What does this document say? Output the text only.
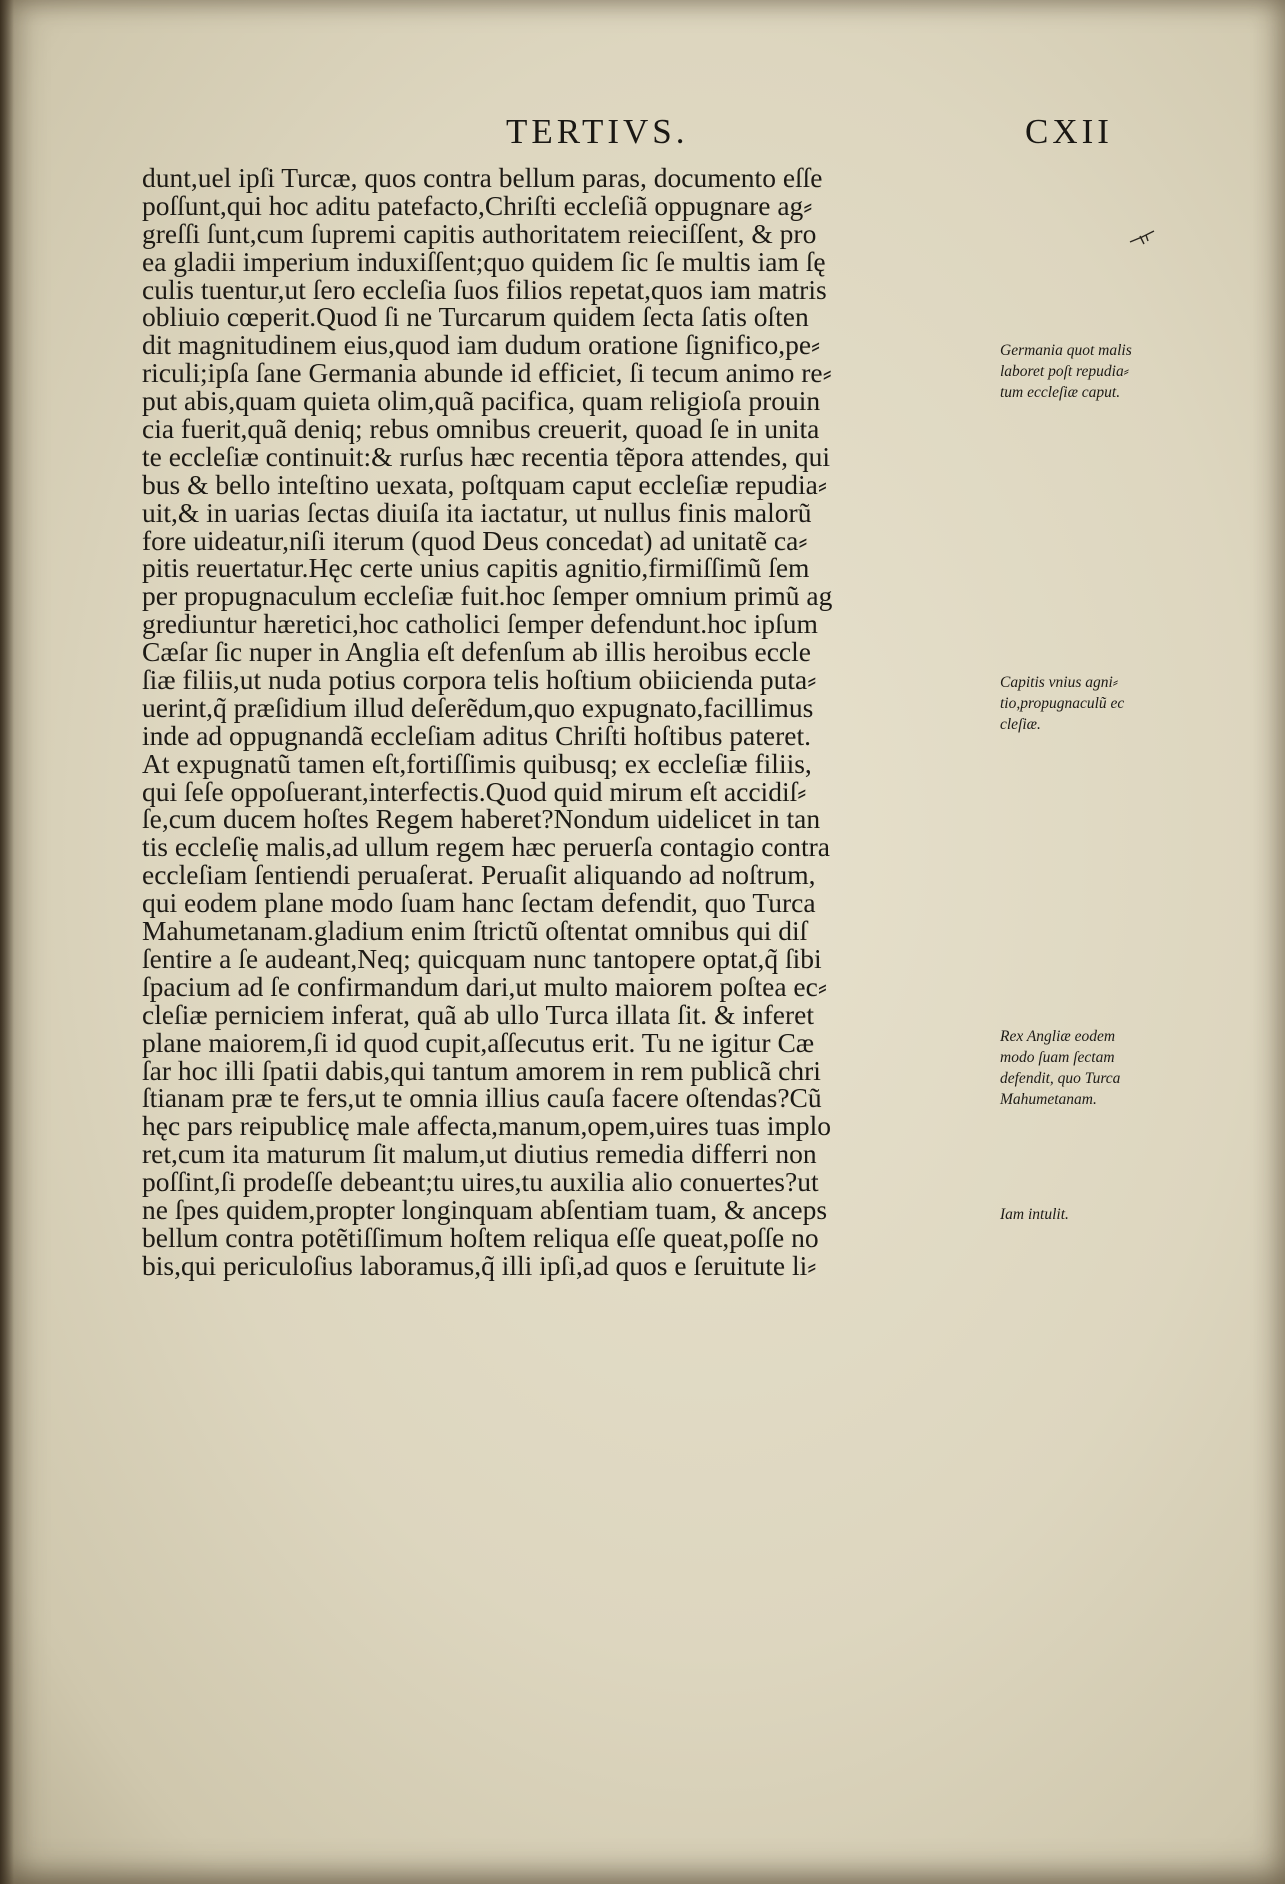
TERTIVS.	CXII
dunt,uel ipſi Turcæ, quos contra bellum paras, documento eſſe
poſſunt,qui hoc aditu patefacto,Chriſti eccleſiã oppugnare ag⸗
greſſi ſunt,cum ſupremi capitis authoritatem reieciſſent, & pro
ea gladii imperium induxiſſent;quo quidem ſic ſe multis iam ſę
culis tuentur,ut ſero eccleſia ſuos filios repetat,quos iam matris
obliuio cœperit.Quod ſi ne Turcarum quidem ſecta ſatis oſten
dit magnitudinem eius,quod iam dudum oratione ſignifico,pe⸗
riculi;ipſa ſane Germania abunde id efficiet, ſi tecum animo re⸗
put abis,quam quieta olim,quã pacifica, quam religioſa prouin
cia fuerit,quã deniq; rebus omnibus creuerit, quoad ſe in unita
te eccleſiæ continuit:& rurſus hæc recentia tẽpora attendes, qui
bus & bello inteſtino uexata, poſtquam caput eccleſiæ repudia⸗
uit,& in uarias ſectas diuiſa ita iactatur, ut nullus finis malorũ
fore uideatur,niſi iterum (quod Deus concedat) ad unitatẽ ca⸗
pitis reuertatur.Hęc certe unius capitis agnitio,firmiſſimũ ſem
per propugnaculum eccleſiæ fuit.hoc ſemper omnium primũ ag
grediuntur hæretici,hoc catholici ſemper defendunt.hoc ipſum
Cæſar ſic nuper in Anglia eſt defenſum ab illis heroibus eccle
ſiæ filiis,ut nuda potius corpora telis hoſtium obiicienda puta⸗
uerint,q̃ præſidium illud deſerẽdum,quo expugnato,facillimus
inde ad oppugnandã eccleſiam aditus Chriſti hoſtibus pateret.
At expugnatũ tamen eſt,fortiſſimis quibusq; ex eccleſiæ filiis,
qui ſeſe oppoſuerant,interfectis.Quod quid mirum eſt accidiſ⸗
ſe,cum ducem hoſtes Regem haberet?Nondum uidelicet in tan
tis eccleſię malis,ad ullum regem hæc peruerſa contagio contra
eccleſiam ſentiendi peruaſerat. Peruaſit aliquando ad noſtrum,
qui eodem plane modo ſuam hanc ſectam defendit, quo Turca
Mahumetanam.gladium enim ſtrictũ oſtentat omnibus qui diſ
ſentire a ſe audeant,Neq; quicquam nunc tantopere optat,q̃ ſibi
ſpacium ad ſe confirmandum dari,ut multo maiorem poſtea ec⸗
cleſiæ perniciem inferat, quã ab ullo Turca illata ſit. & inferet
plane maiorem,ſi id quod cupit,aſſecutus erit. Tu ne igitur Cæ
ſar hoc illi ſpatii dabis,qui tantum amorem in rem publicã chri
ſtianam præ te fers,ut te omnia illius cauſa facere oſtendas?Cũ
hęc pars reipublicę male affecta,manum,opem,uires tuas implo
ret,cum ita maturum ſit malum,ut diutius remedia differri non
poſſint,ſi prodeſſe debeant;tu uires,tu auxilia alio conuertes?ut
ne ſpes quidem,propter longinquam abſentiam tuam, & anceps
bellum contra potẽtiſſimum hoſtem reliqua eſſe queat,poſſe no
bis,qui periculoſius laboramus,q̃ illi ipſi,ad quos e ſeruitute li⸗
Germania quot malis
laboret poſt repudia⸗
tum eccleſiæ caput.
Capitis vnius agni⸗
tio,propugnaculũ ec
cleſiæ.
Rex Angliæ eodem
modo ſuam ſectam
defendit, quo Turca
Mahumetanam.
Iam intulit.
